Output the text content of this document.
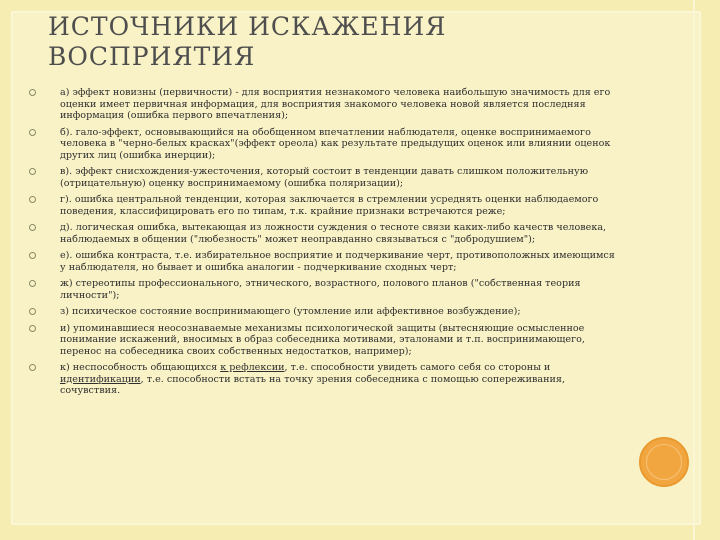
ИСТОЧНИКИ ИСКАЖЕНИЯ
ВОСПРИЯТИЯ
а) эффект новизны (первичности) - для восприятия незнакомого человека наибольшую значимость для его оценки имеет первичная информация, для восприятия знакомого человека новой является последняя информация (ошибка первого впечатления);
б). гало-эффект, основывающийся на обобщенном впечатлении наблюдателя, оценке воспринимаемого человека в "черно-белых красках"(эффект ореола) как результате предыдущих оценок или влиянии оценок других лиц (ошибка инерции);
в). эффект снисхождения-ужесточения, который состоит в тенденции давать слишком положительную (отрицательную) оценку воспринимаемому (ошибка поляризации);
г). ошибка центральной тенденции, которая заключается в стремлении усреднять оценки наблюдаемого поведения, классифицировать его по типам, т.к. крайние признаки встречаются реже;
д). логическая ошибка, вытекающая из ложности суждения о тесноте связи каких-либо качеств человека, наблюдаемых в общении ("любезность" может неоправданно связываться с "добродушием");
е). ошибка контраста, т.е. избирательное восприятие и подчеркивание черт, противоположных имеющимся у наблюдателя, но бывает и ошибка аналогии - подчеркивание сходных черт;
ж) стереотипы профессионального, этнического, возрастного, полового планов ("собственная теория личности");
з) психическое состояние воспринимающего (утомление или аффективное возбуждение);
и) упоминавшиеся неосознаваемые механизмы психологической защиты (вытесняющие осмысленное понимание искажений, вносимых в образ собеседника мотивами, эталонами и т.п. воспринимающего, перенос на собеседника своих собственных недостатков, например);
к) неспособность общающихся к рефлексии, т.е. способности увидеть самого себя со стороны и идентификации, т.е. способности встать на точку зрения собеседника с помощью сопереживания, сочувствия.
